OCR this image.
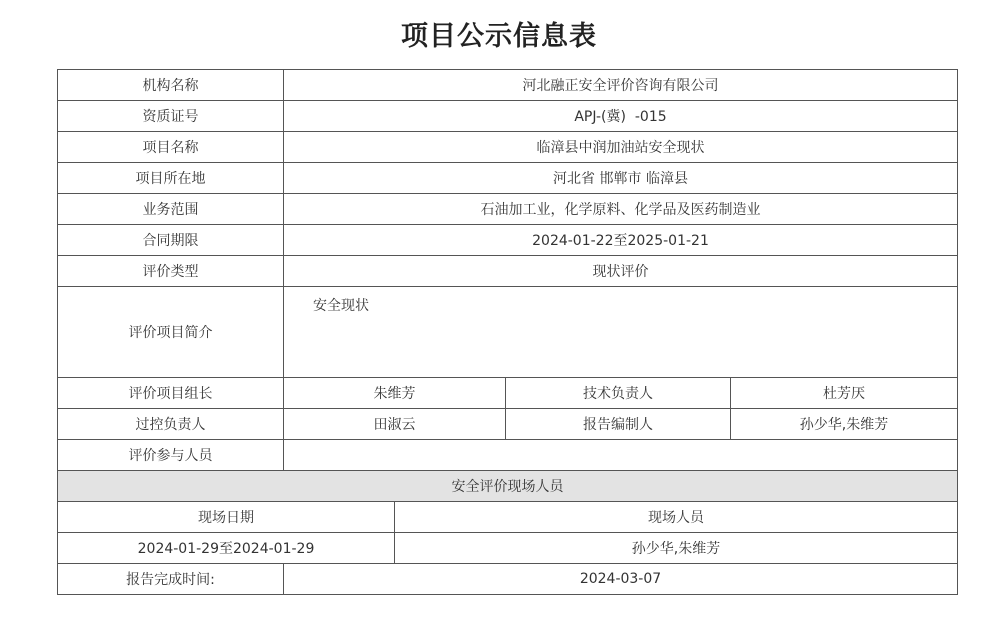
项目公示信息表
机构名称	河北融正安全评价咨询有限公司			
资质证号	APJ-(冀)  -015			
项目名称	临漳县中润加油站安全现状			
项目所在地	河北省 邯郸市 临漳县			
业务范围	石油加工业，化学原料、化学品及医药制造业			
合同期限	2024-01-22至2025-01-21			
评价类型	现状评价			
评价项目简介	安全现状			
评价项目组长	朱维芳		技术负责人	杜芳厌
过控负责人	田淑云		报告编制人	孙少华,朱维芳
评价参与人员				
安全评价现场人员				
现场日期		现场人员		
2024-01-29至2024-01-29		孙少华,朱维芳		
报告完成时间:	2024-03-07			
